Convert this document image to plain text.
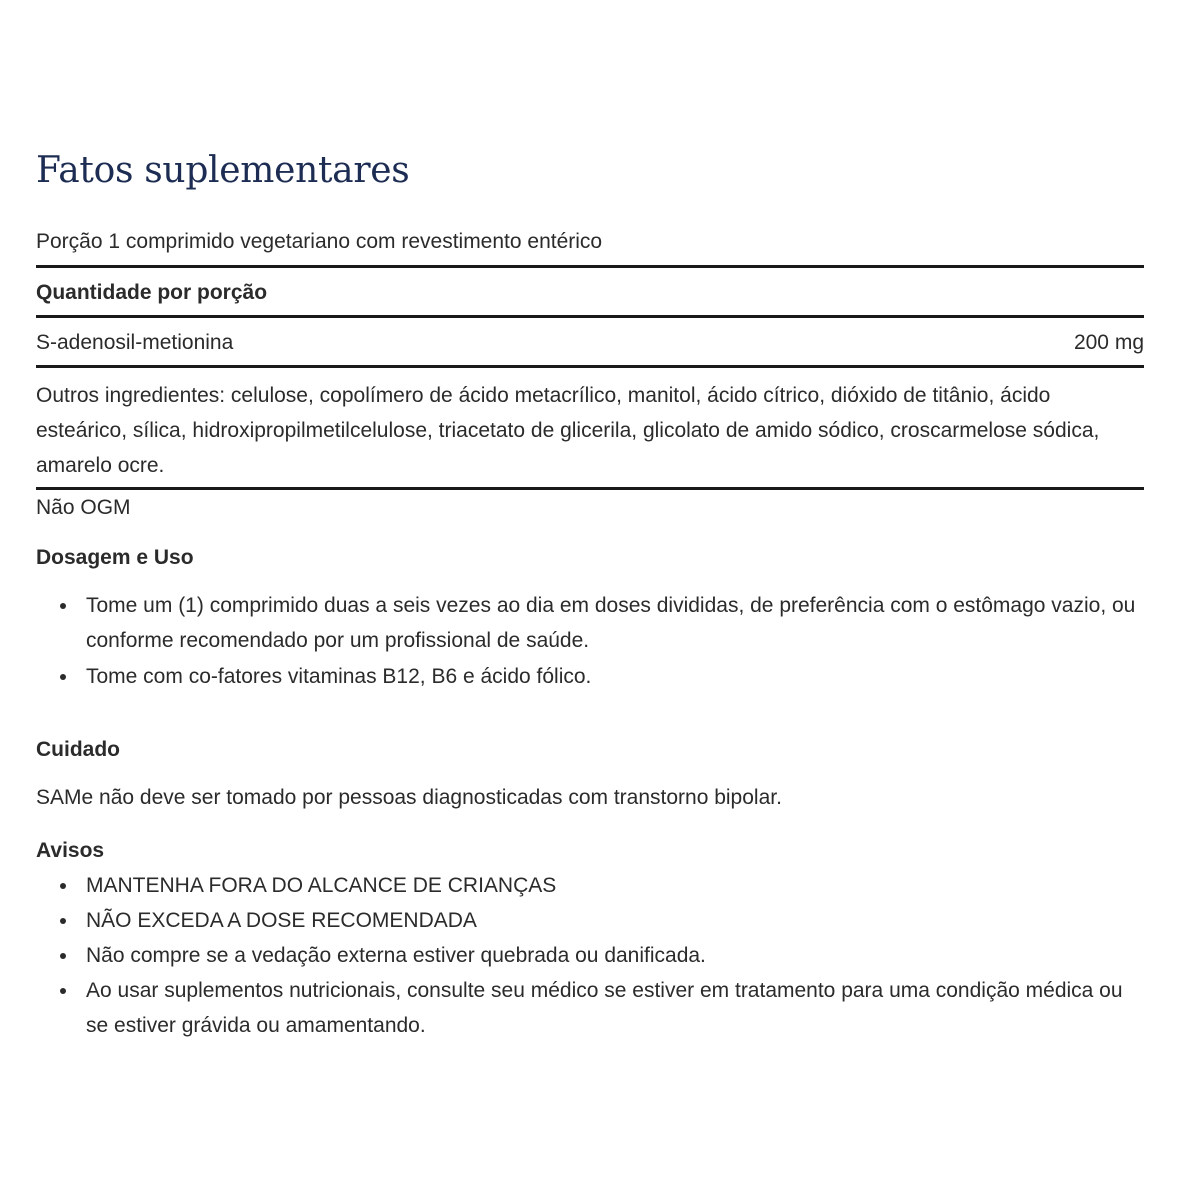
Fatos suplementares
Porção 1 comprimido vegetariano com revestimento entérico
Quantidade por porção
S-adenosil-metionina	200 mg
Outros ingredientes: celulose, copolímero de ácido metacrílico, manitol, ácido cítrico, dióxido de titânio, ácido esteárico, sílica, hidroxipropilmetilcelulose, triacetato de glicerila, glicolato de amido sódico, croscarmelose sódica, amarelo ocre.
Não OGM
Dosagem e Uso
Tome um (1) comprimido duas a seis vezes ao dia em doses divididas, de preferência com o estômago vazio, ou conforme recomendado por um profissional de saúde.
Tome com co-fatores vitaminas B12, B6 e ácido fólico.
Cuidado
SAMe não deve ser tomado por pessoas diagnosticadas com transtorno bipolar.
Avisos
MANTENHA FORA DO ALCANCE DE CRIANÇAS
NÃO EXCEDA A DOSE RECOMENDADA
Não compre se a vedação externa estiver quebrada ou danificada.
Ao usar suplementos nutricionais, consulte seu médico se estiver em tratamento para uma condição médica ou se estiver grávida ou amamentando.
